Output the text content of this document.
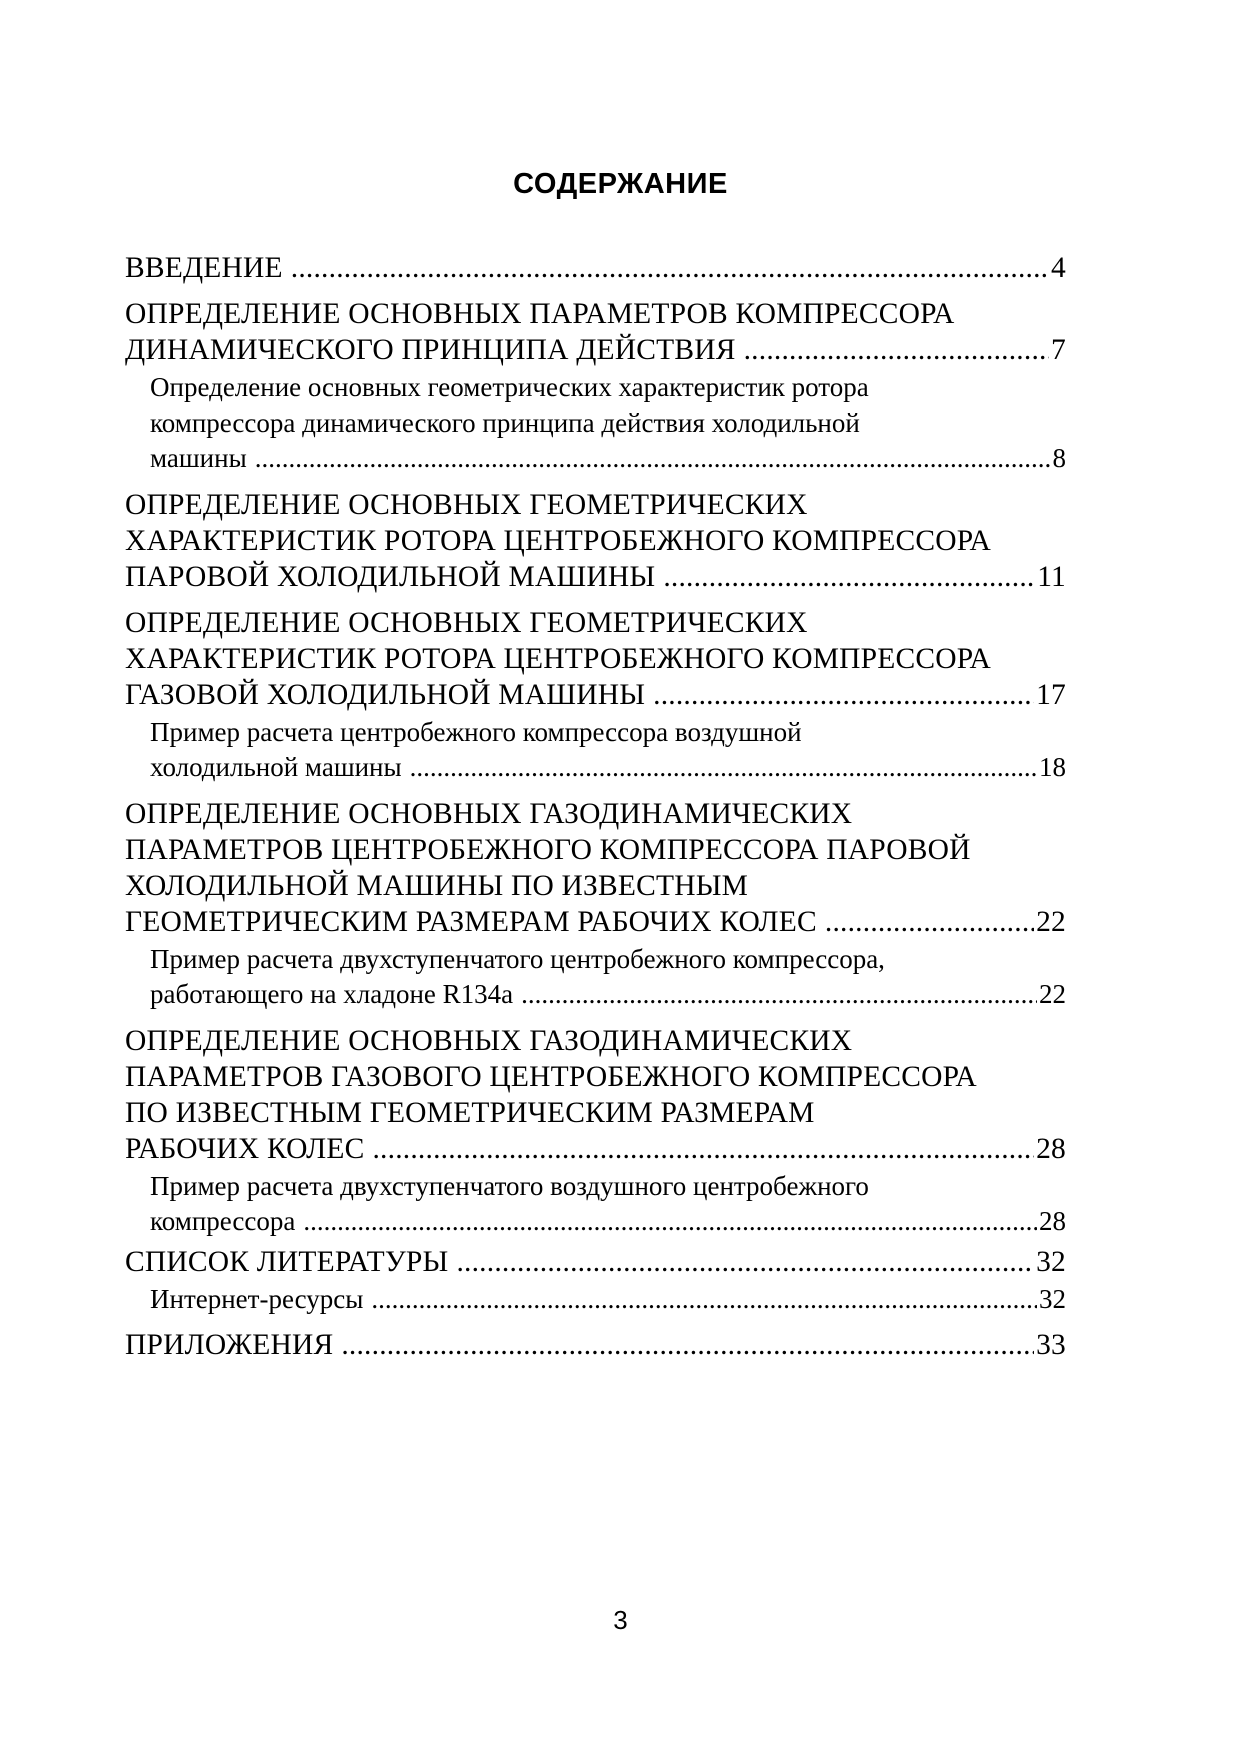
СОДЕРЖАНИЕ
ВВЕДЕНИЕ .....	4
ОПРЕДЕЛЕНИЕ ОСНОВНЫХ ПАРАМЕТРОВ КОМПРЕССОРА
ДИНАМИЧЕСКОГО ПРИНЦИПА ДЕЙСТВИЯ .....	7
Определение основных геометрических характеристик ротора
компрессора динамического принципа действия холодильной
машины .....	8
ОПРЕДЕЛЕНИЕ ОСНОВНЫХ ГЕОМЕТРИЧЕСКИХ
ХАРАКТЕРИСТИК РОТОРА ЦЕНТРОБЕЖНОГО КОМПРЕССОРА
ПАРОВОЙ ХОЛОДИЛЬНОЙ МАШИНЫ .....	11
ОПРЕДЕЛЕНИЕ ОСНОВНЫХ ГЕОМЕТРИЧЕСКИХ
ХАРАКТЕРИСТИК РОТОРА ЦЕНТРОБЕЖНОГО КОМПРЕССОРА
ГАЗОВОЙ ХОЛОДИЛЬНОЙ МАШИНЫ .....	17
Пример расчета центробежного компрессора воздушной
холодильной машины .....	18
ОПРЕДЕЛЕНИЕ ОСНОВНЫХ ГАЗОДИНАМИЧЕСКИХ
ПАРАМЕТРОВ ЦЕНТРОБЕЖНОГО КОМПРЕССОРА ПАРОВОЙ
ХОЛОДИЛЬНОЙ МАШИНЫ ПО ИЗВЕСТНЫМ
ГЕОМЕТРИЧЕСКИМ РАЗМЕРАМ РАБОЧИХ КОЛЕС .....	22
Пример расчета двухступенчатого центробежного компрессора,
работающего на хладоне R134a .....	22
ОПРЕДЕЛЕНИЕ ОСНОВНЫХ ГАЗОДИНАМИЧЕСКИХ
ПАРАМЕТРОВ ГАЗОВОГО ЦЕНТРОБЕЖНОГО КОМПРЕССОРА
ПО ИЗВЕСТНЫМ ГЕОМЕТРИЧЕСКИМ РАЗМЕРАМ
РАБОЧИХ КОЛЕС .....	28
Пример расчета двухступенчатого воздушного центробежного
компрессора .....	28
СПИСОК ЛИТЕРАТУРЫ .....	32
Интернет-ресурсы .....	32
ПРИЛОЖЕНИЯ .....	33
3
